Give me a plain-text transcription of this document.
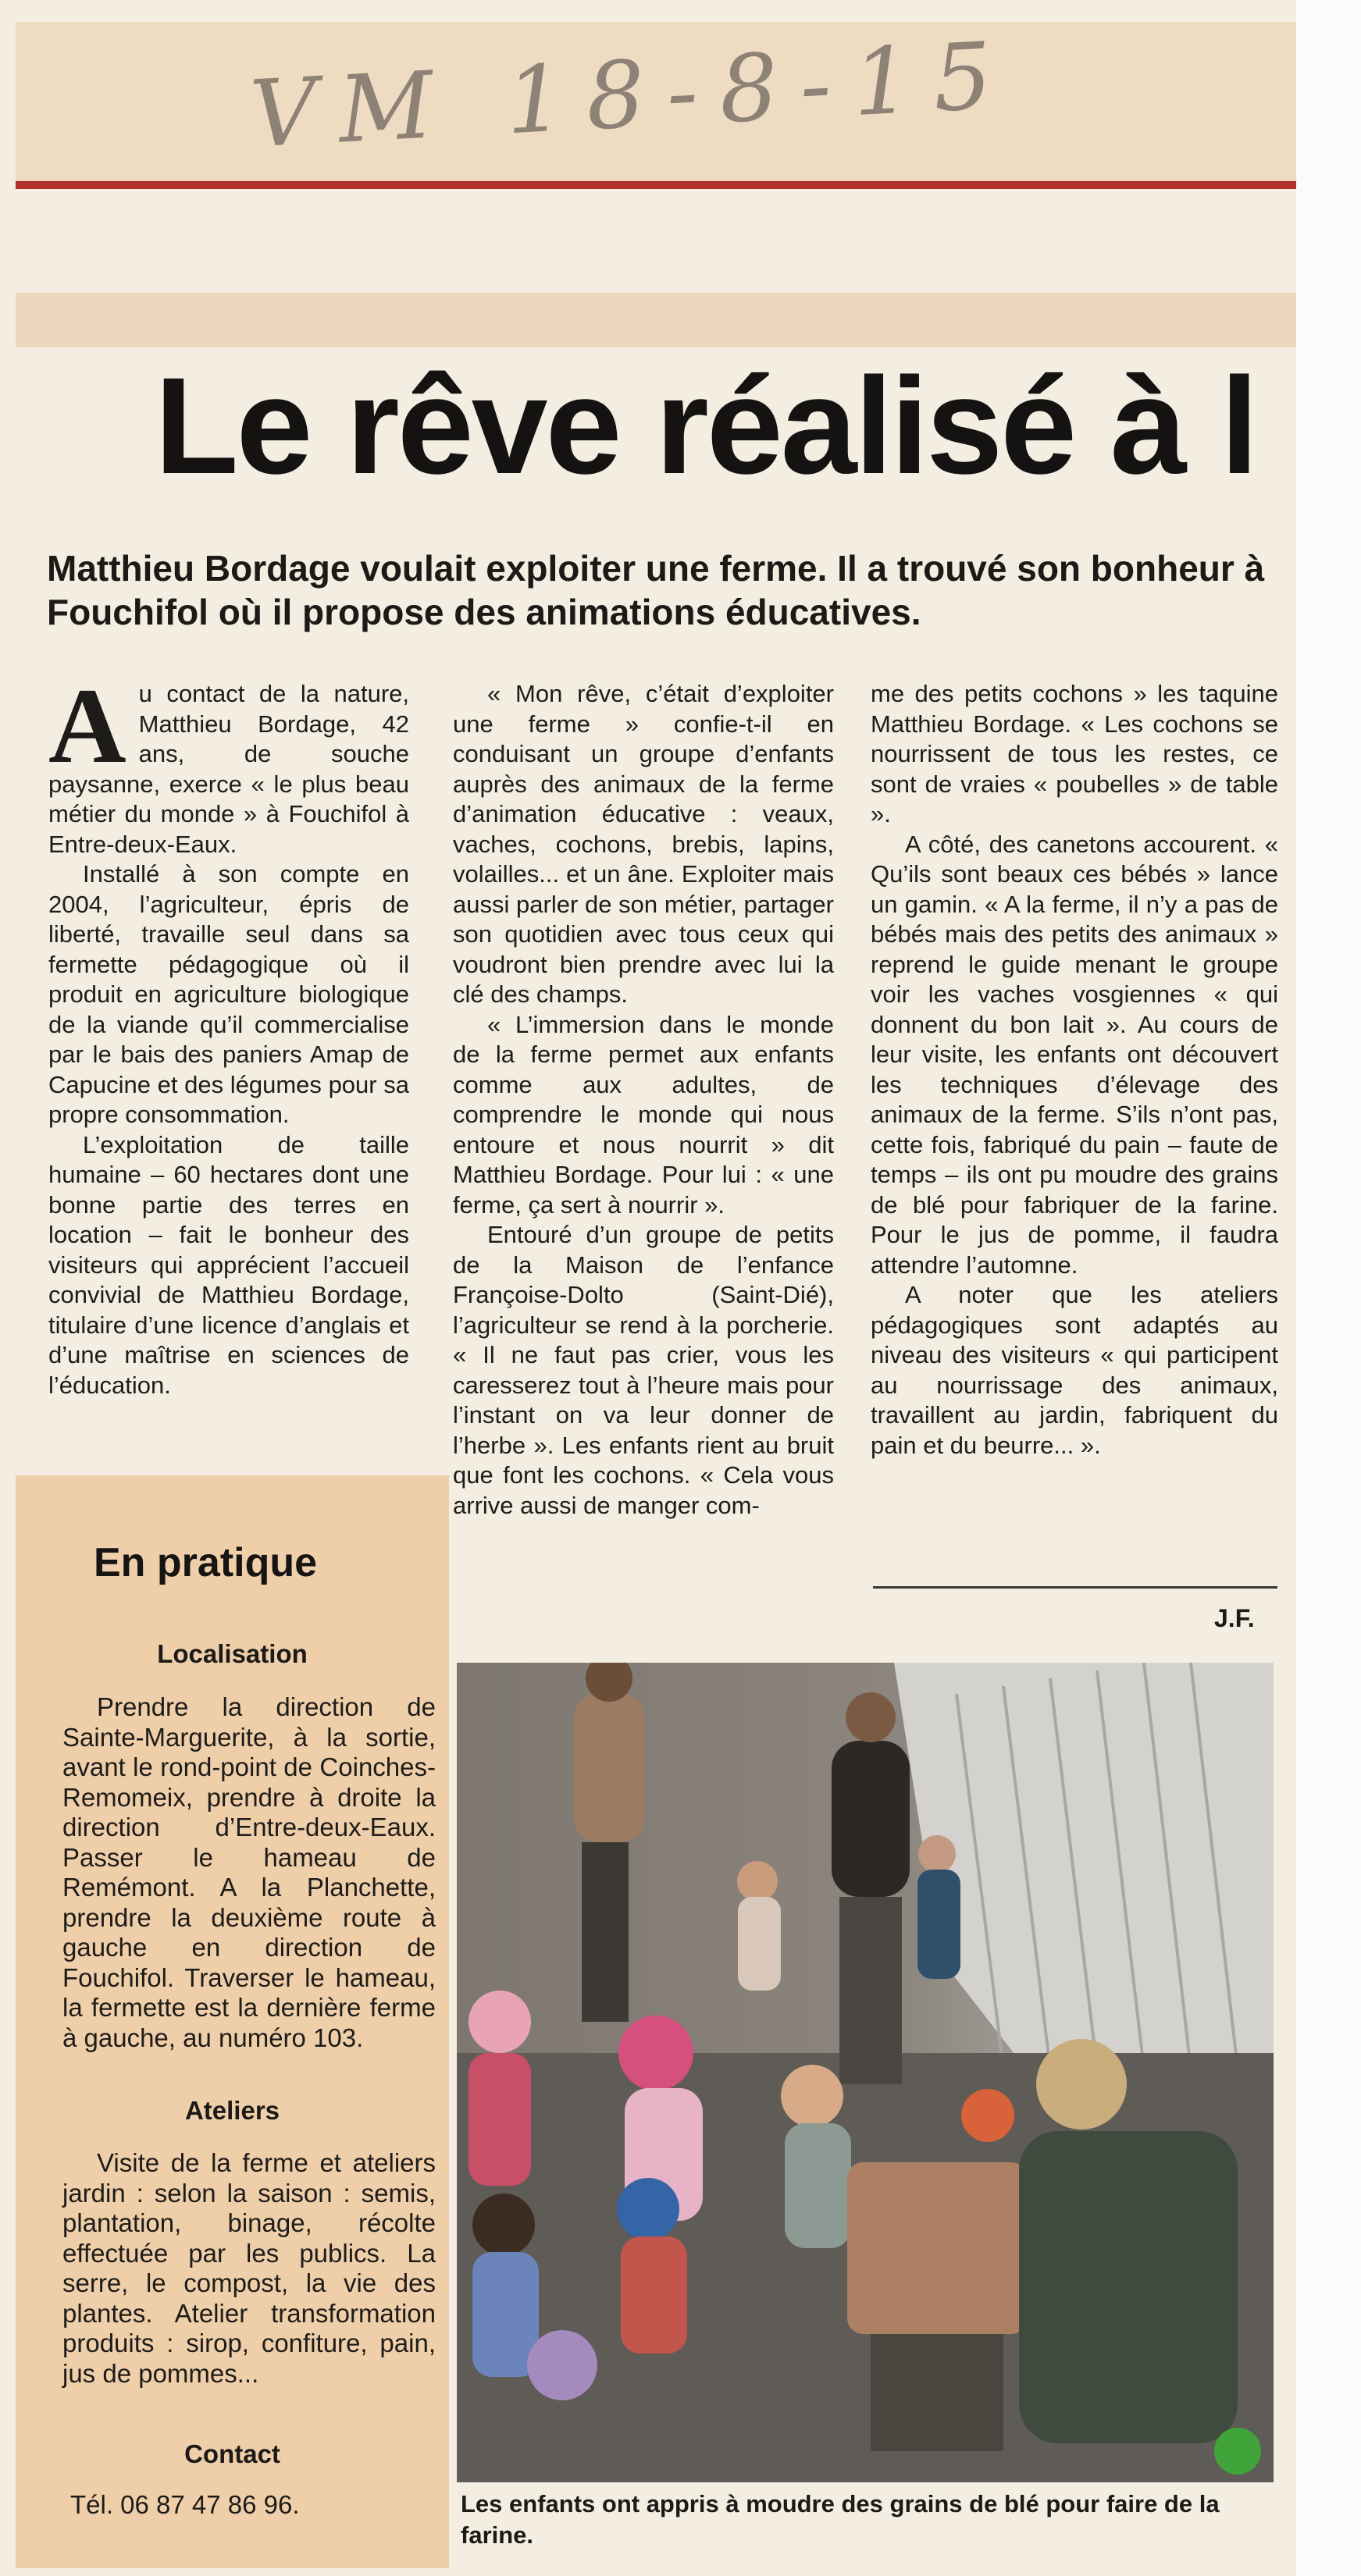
VM 18-8-15
Le rêve réalisé à l
Matthieu Bordage voulait exploiter une ferme. Il a trouvé son bonheur à Fouchifol où il propose des animations éducatives.

Au contact de la nature, Matthieu Bordage, 42 ans, de souche paysanne, exerce « le plus beau métier du monde » à Fouchifol à Entre-deux-Eaux.

Installé à son compte en 2004, l’agriculteur, épris de liberté, travaille seul dans sa fermette pédagogique où il produit en agriculture biologique de la viande qu’il commercialise par le bais des paniers Amap de Capucine et des légumes pour sa propre consommation.

L’exploitation de taille humaine – 60 hectares dont une bonne partie des terres en location – fait le bonheur des visiteurs qui apprécient l’accueil convivial de Matthieu Bordage, titulaire d’une licence d’anglais et d’une maîtrise en sciences de l’éducation.

« Mon rêve, c’était d’exploiter une ferme » confie-t-il en conduisant un groupe d’enfants auprès des animaux de la ferme d’animation éducative : veaux, vaches, cochons, brebis, lapins, volailles... et un âne. Exploiter mais aussi parler de son métier, partager son quotidien avec tous ceux qui voudront bien prendre avec lui la clé des champs.

« L’immersion dans le monde de la ferme permet aux enfants comme aux adultes, de comprendre le monde qui nous entoure et nous nourrit » dit Matthieu Bordage. Pour lui : « une ferme, ça sert à nourrir ».

Entouré d’un groupe de petits de la Maison de l’enfance Françoise-Dolto (Saint-Dié), l’agriculteur se rend à la porcherie. « Il ne faut pas crier, vous les caresserez tout à l’heure mais pour l’instant on va leur donner de l’herbe ». Les enfants rient au bruit que font les cochons. « Cela vous arrive aussi de manger com-

me des petits cochons » les taquine Matthieu Bordage. « Les cochons se nourrissent de tous les restes, ce sont de vraies « poubelles » de table ».

A côté, des canetons accourent. « Qu’ils sont beaux ces bébés » lance un gamin. « A la ferme, il n’y a pas de bébés mais des petits des animaux » reprend le guide menant le groupe voir les vaches vosgiennes « qui donnent du bon lait ». Au cours de leur visite, les enfants ont découvert les techniques d’élevage des animaux de la ferme. S’ils n’ont pas, cette fois, fabriqué du pain – faute de temps – ils ont pu moudre des grains de blé pour fabriquer de la farine. Pour le jus de pomme, il faudra attendre l’automne.

A noter que les ateliers pédagogiques sont adaptés au niveau des visiteurs « qui participent au nourrissage des animaux, travaillent au jardin, fabriquent du pain et du beurre... ».

J.F.
En pratique
Localisation

Prendre la direction de Sainte-Marguerite, à la sortie, avant le rond-point de Coinches-Remomeix, prendre à droite la direction d’Entre-deux-Eaux. Passer le hameau de Remémont. A la Planchette, prendre la deuxième route à gauche en direction de Fouchifol. Traverser le hameau, la fermette est la dernière ferme à gauche, au numéro 103.

Ateliers

Visite de la ferme et ateliers jardin : selon la saison : semis, plantation, binage, récolte effectuée par les publics. La serre, le compost, la vie des plantes. Atelier transformation produits : sirop, confiture, pain, jus de pommes...

Contact

Tél. 06 87 47 86 96.	Les enfants ont appris à moudre des grains de blé pour faire de la farine.
